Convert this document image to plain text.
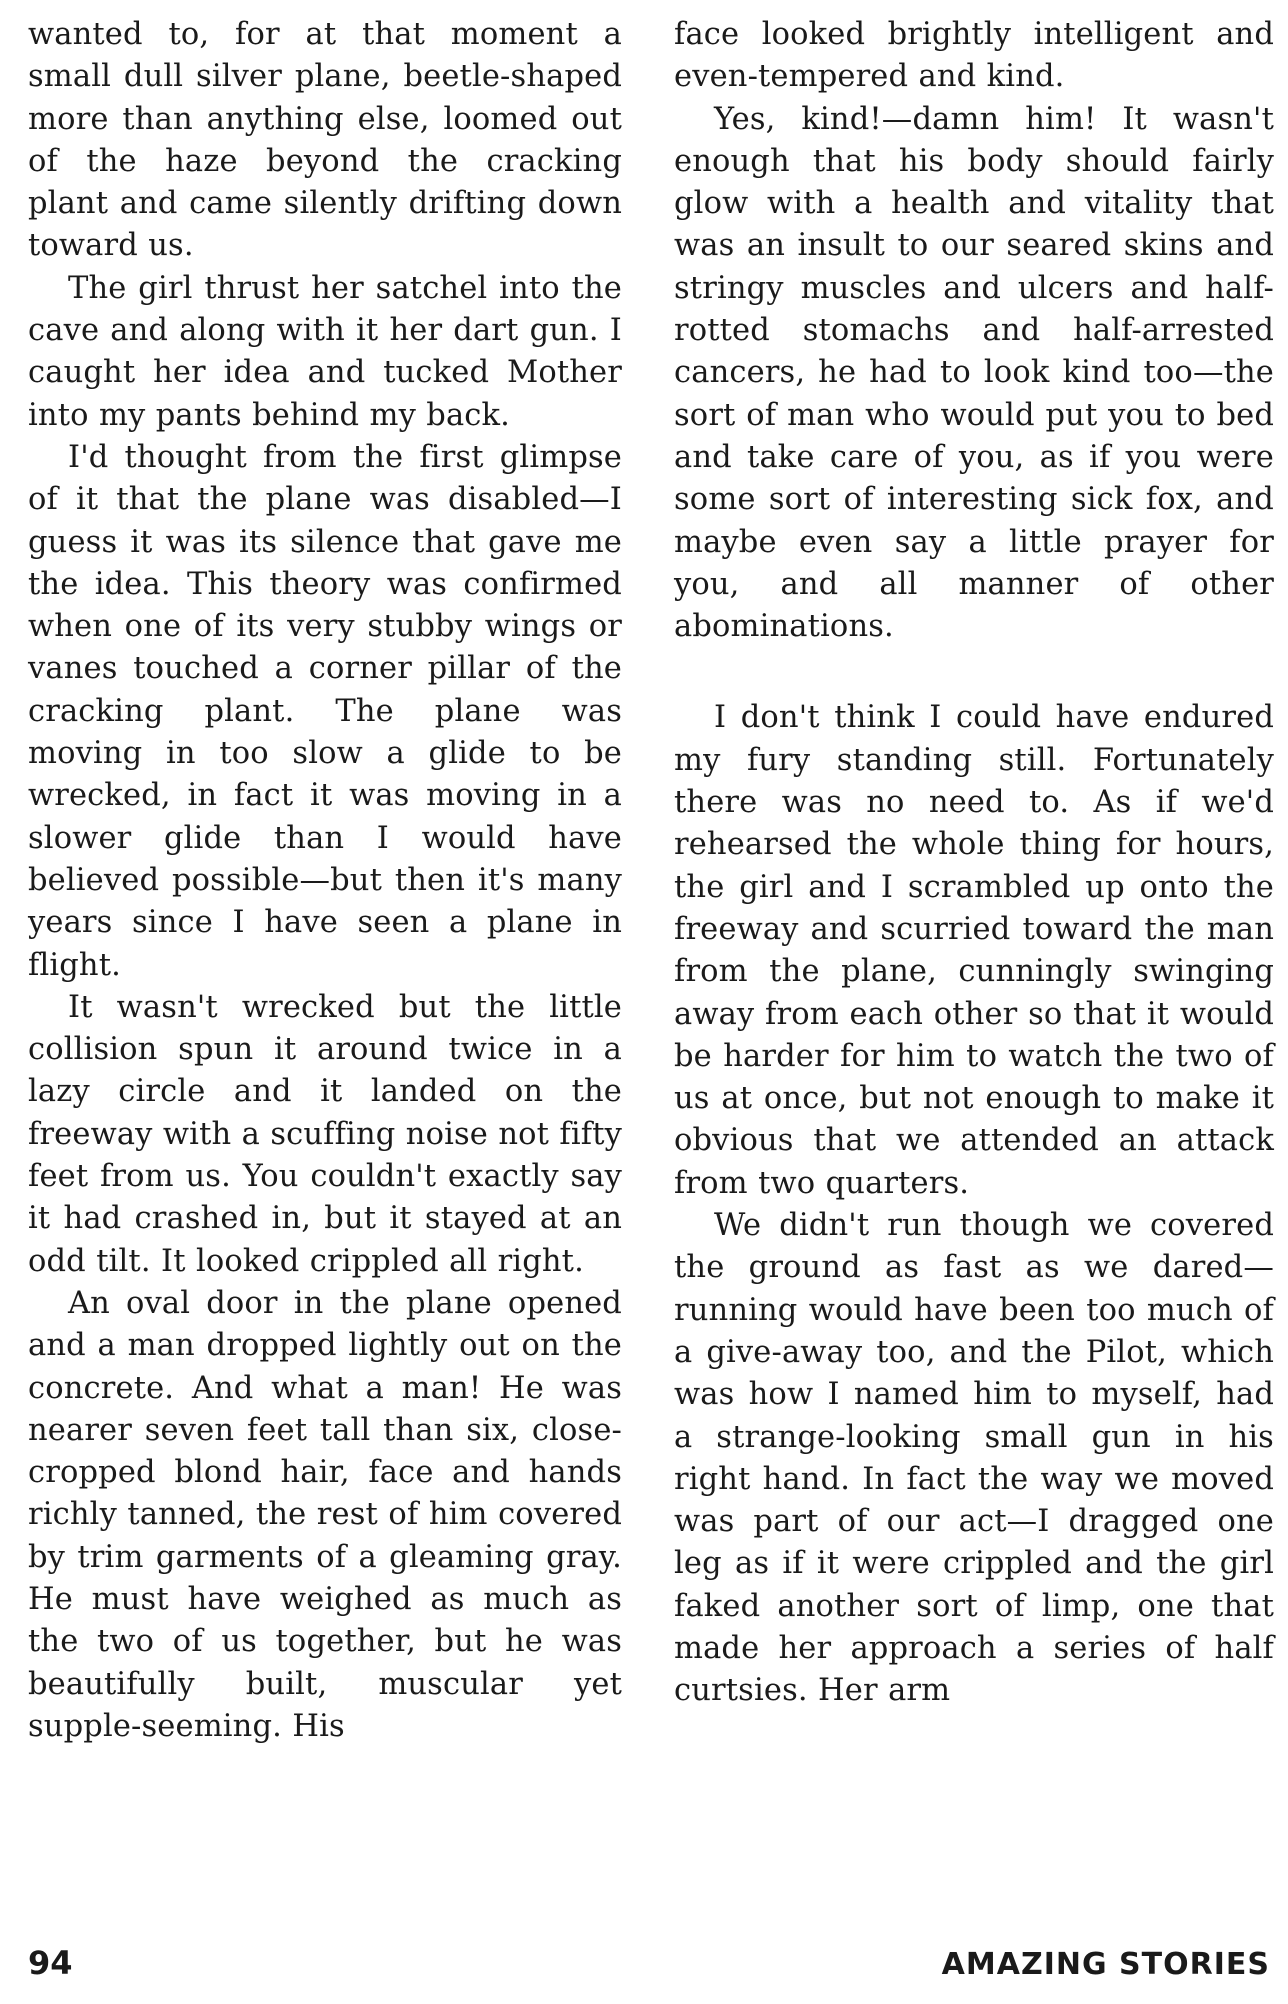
wanted to, for at that moment a small dull silver plane, beetle-shaped more than anything else, loomed out of the haze beyond the cracking plant and came silently drifting down toward us.

The girl thrust her satchel into the cave and along with it her dart gun. I caught her idea and tucked Mother into my pants behind my back.

I'd thought from the first glimpse of it that the plane was disabled—I guess it was its silence that gave me the idea. This theory was confirmed when one of its very stubby wings or vanes touched a corner pillar of the cracking plant. The plane was moving in too slow a glide to be wrecked, in fact it was moving in a slower glide than I would have believed possible—but then it's many years since I have seen a plane in flight.

It wasn't wrecked but the little collision spun it around twice in a lazy circle and it landed on the freeway with a scuffing noise not fifty feet from us. You couldn't exactly say it had crashed in, but it stayed at an odd tilt. It looked crippled all right.

An oval door in the plane opened and a man dropped lightly out on the concrete. And what a man! He was nearer seven feet tall than six, close-cropped blond hair, face and hands richly tanned, the rest of him covered by trim garments of a gleaming gray. He must have weighed as much as the two of us together, but he was beautifully built, muscular yet supple-seeming. His

face looked brightly intelligent and even-tempered and kind.

Yes, kind!—damn him! It wasn't enough that his body should fairly glow with a health and vitality that was an insult to our seared skins and stringy muscles and ulcers and half-rotted stomachs and half-arrested cancers, he had to look kind too—the sort of man who would put you to bed and take care of you, as if you were some sort of interesting sick fox, and maybe even say a little prayer for you, and all manner of other abominations.

I don't think I could have endured my fury standing still. Fortunately there was no need to. As if we'd rehearsed the whole thing for hours, the girl and I scrambled up onto the freeway and scurried toward the man from the plane, cunningly swinging away from each other so that it would be harder for him to watch the two of us at once, but not enough to make it obvious that we attended an attack from two quarters.

We didn't run though we covered the ground as fast as we dared—running would have been too much of a give-away too, and the Pilot, which was how I named him to myself, had a strange-looking small gun in his right hand. In fact the way we moved was part of our act—I dragged one leg as if it were crippled and the girl faked another sort of limp, one that made her approach a series of half curtsies. Her arm

94	AMAZING STORIES
